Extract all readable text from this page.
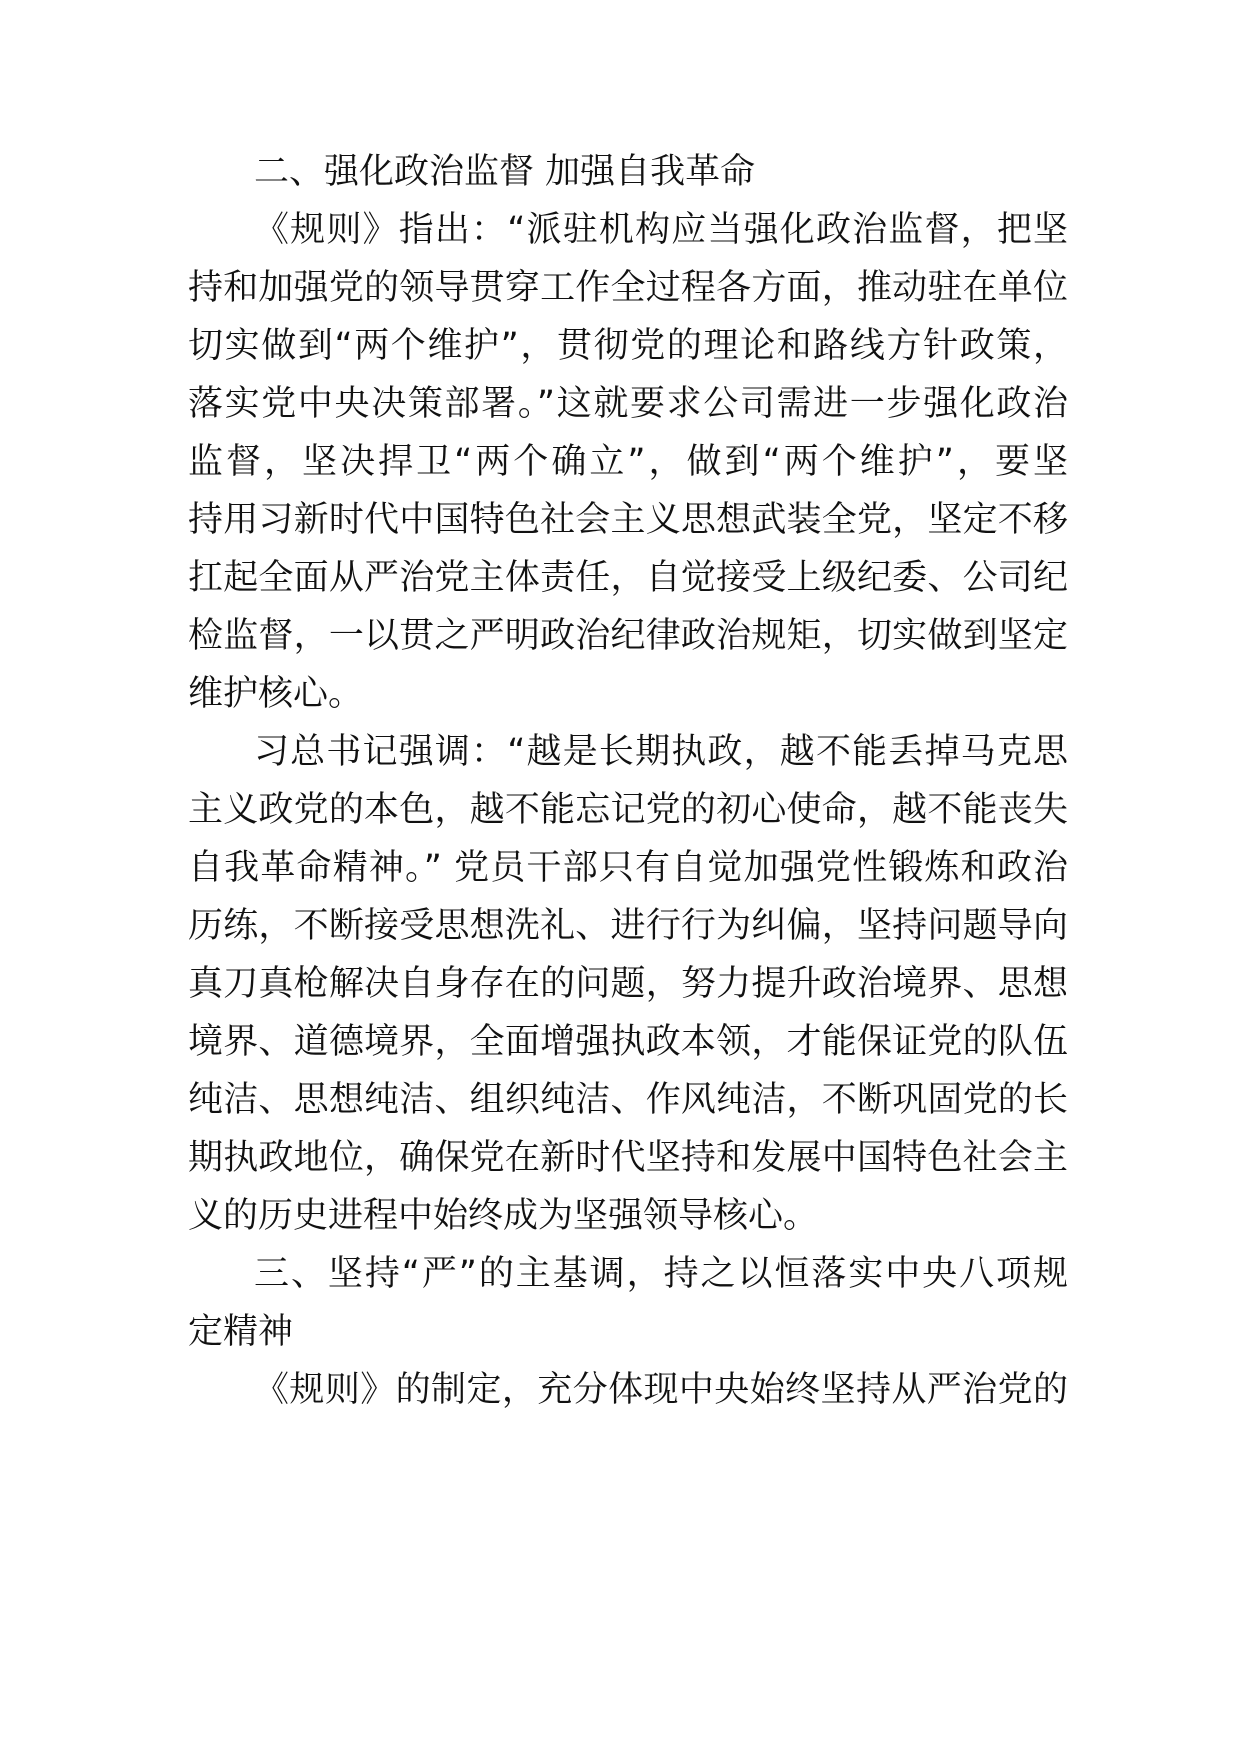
二、强化政治监督 加强自我革命
《规则》指出：“派驻机构应当强化政治监督，把坚
持和加强党的领导贯穿工作全过程各方面，推动驻在单位
切实做到“两个维护”，贯彻党的理论和路线方针政策，
落实党中央决策部署。”这就要求公司需进一步强化政治
监督，坚决捍卫“两个确立”，做到“两个维护”，要坚
持用习新时代中国特色社会主义思想武装全党，坚定不移
扛起全面从严治党主体责任，自觉接受上级纪委、公司纪
检监督，一以贯之严明政治纪律政治规矩，切实做到坚定
维护核心。
习总书记强调：“越是长期执政，越不能丢掉马克思
主义政党的本色，越不能忘记党的初心使命，越不能丧失
自我革命精神。” 党员干部只有自觉加强党性锻炼和政治
历练，不断接受思想洗礼、进行行为纠偏，坚持问题导向
真刀真枪解决自身存在的问题，努力提升政治境界、思想
境界、道德境界，全面增强执政本领，才能保证党的队伍
纯洁、思想纯洁、组织纯洁、作风纯洁，不断巩固党的长
期执政地位，确保党在新时代坚持和发展中国特色社会主
义的历史进程中始终成为坚强领导核心。
三、坚持“严”的主基调，持之以恒落实中央八项规
定精神
《规则》的制定，充分体现中央始终坚持从严治党的
